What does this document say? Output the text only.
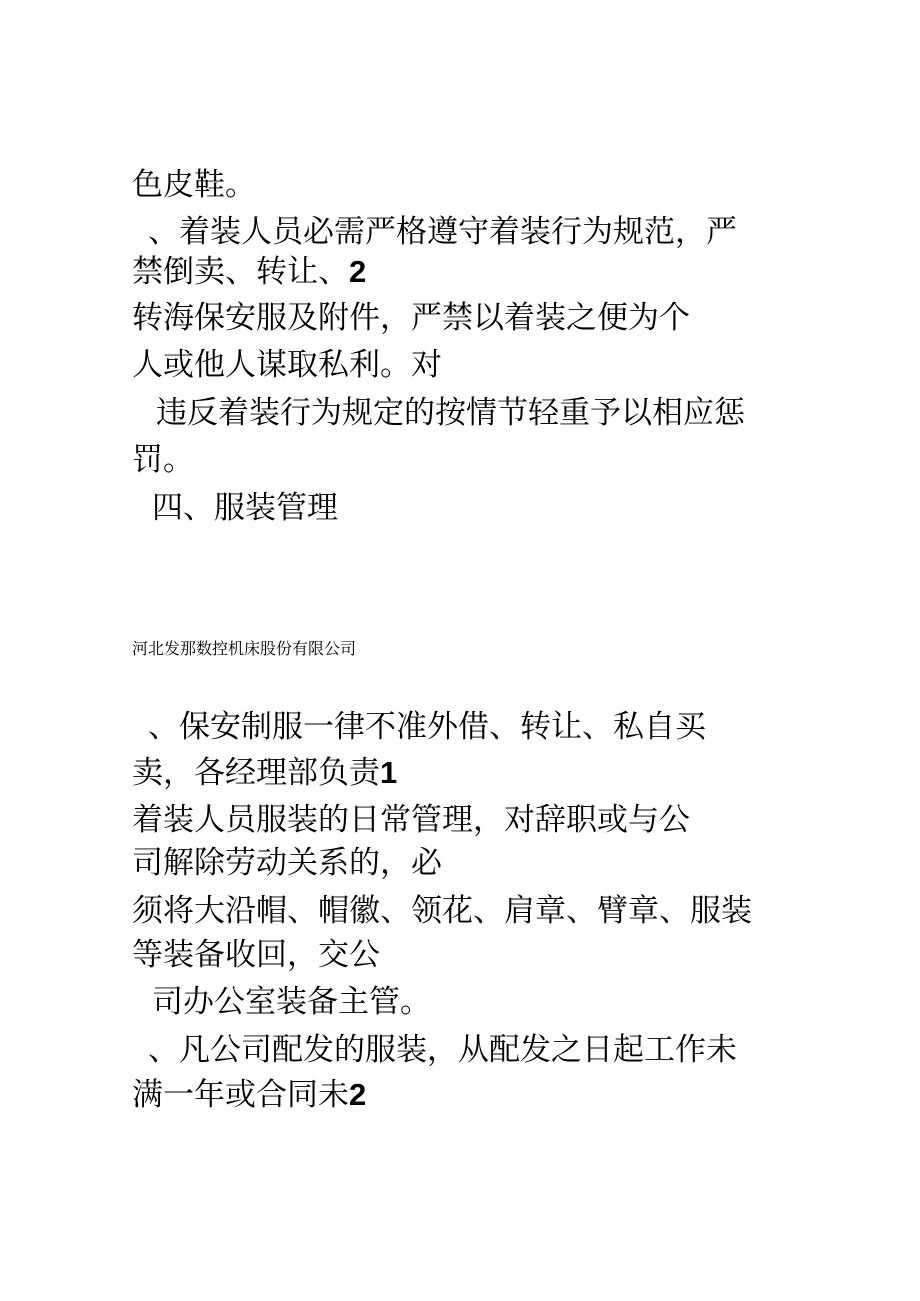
色皮鞋。
、着装人员必需严格遵守着装行为规范，严
禁倒卖、转让、2
转海保安服及附件，严禁以着装之便为个
人或他人谋取私利。对
违反着装行为规定的按情节轻重予以相应惩
罚。
四、服装管理
河北发那数控机床股份有限公司
、保安制服一律不准外借、转让、私自买
卖，各经理部负责1
着装人员服装的日常管理，对辞职或与公
司解除劳动关系的，必
须将大沿帽、帽徽、领花、肩章、臂章、服装
等装备收回，交公
司办公室装备主管。
、凡公司配发的服装，从配发之日起工作未
满一年或合同未2
